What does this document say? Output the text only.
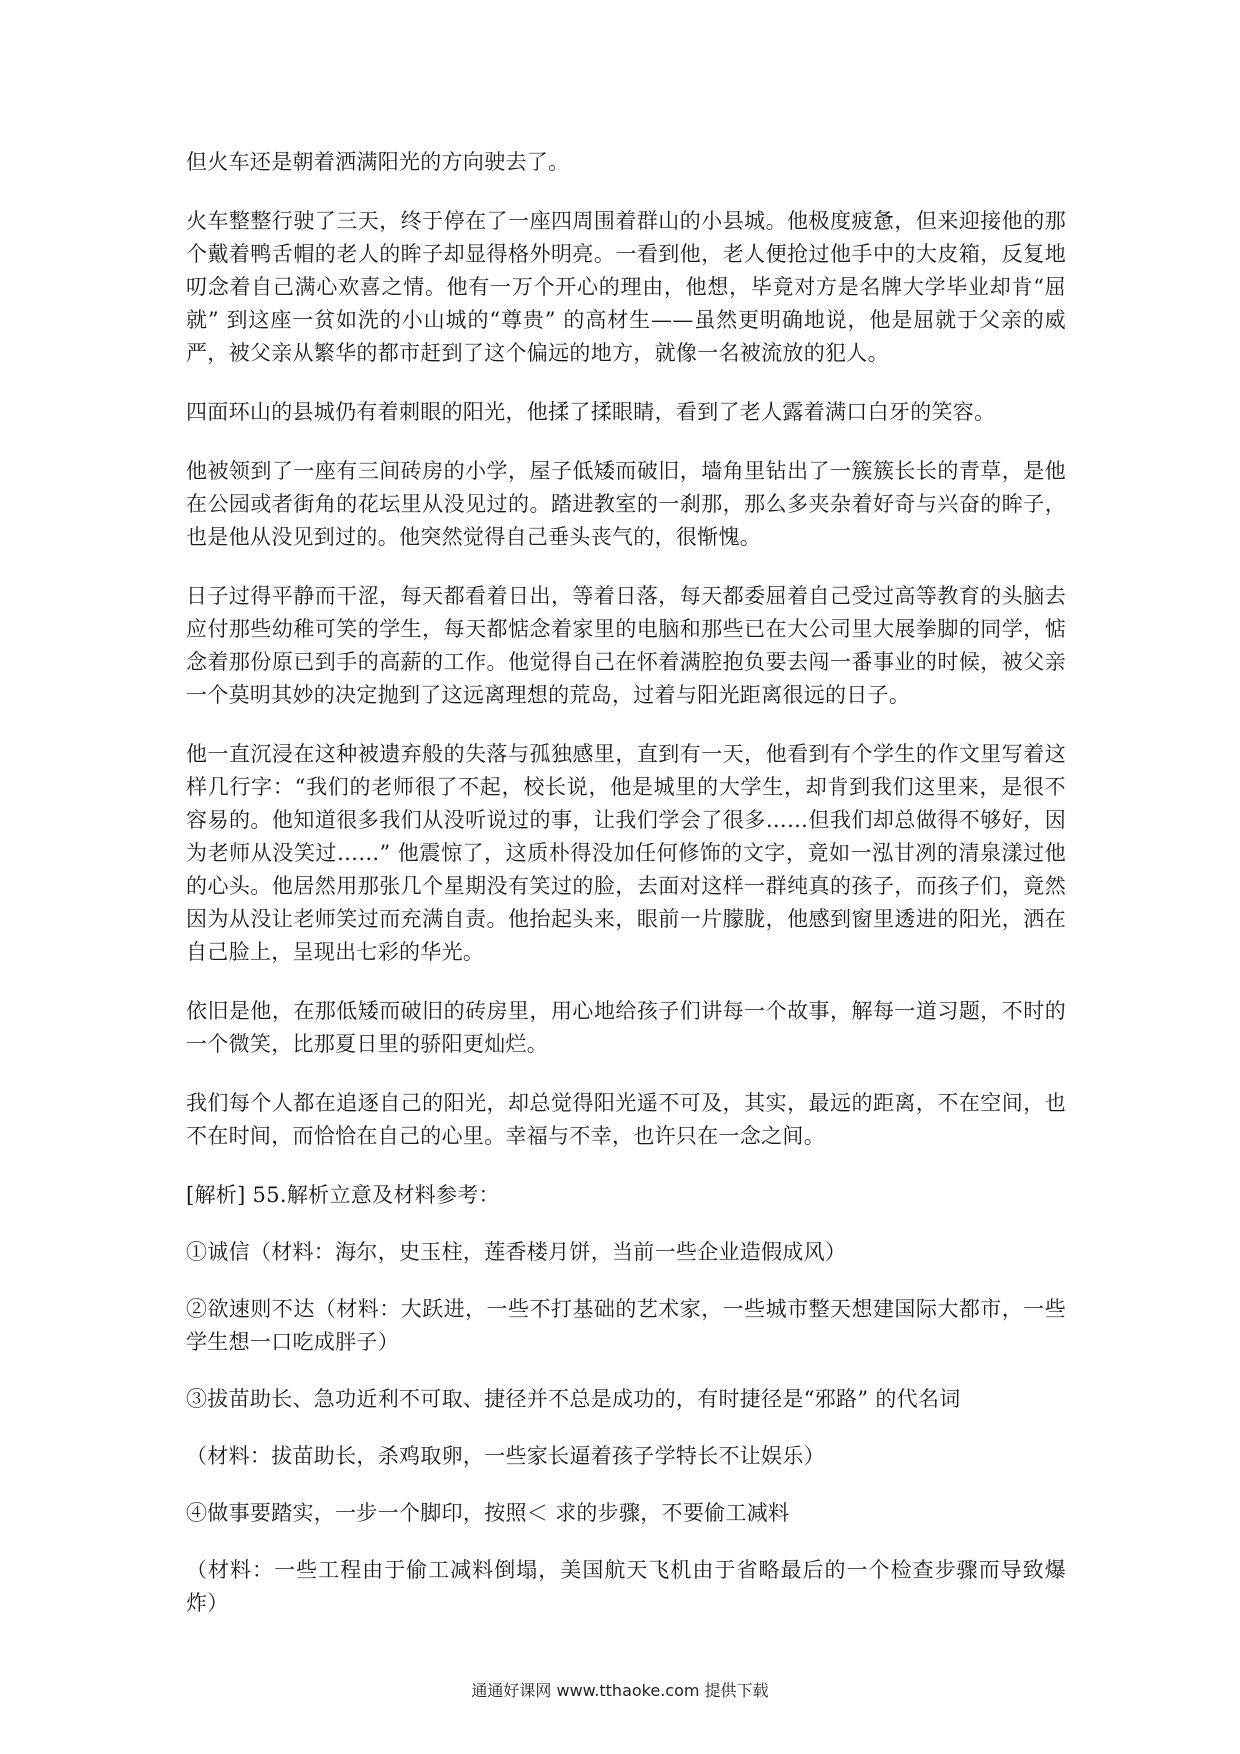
但火车还是朝着洒满阳光的方向驶去了。

火车整整行驶了三天，终于停在了一座四周围着群山的小县城。他极度疲惫，但来迎接他的那个戴着鸭舌帽的老人的眸子却显得格外明亮。一看到他，老人便抢过他手中的大皮箱，反复地叨念着自己满心欢喜之情。他有一万个开心的理由，他想，毕竟对方是名牌大学毕业却肯“屈就” 到这座一贫如洗的小山城的“尊贵” 的高材生——虽然更明确地说，他是屈就于父亲的威严，被父亲从繁华的都市赶到了这个偏远的地方，就像一名被流放的犯人。

四面环山的县城仍有着刺眼的阳光，他揉了揉眼睛，看到了老人露着满口白牙的笑容。

他被领到了一座有三间砖房的小学，屋子低矮而破旧，墙角里钻出了一簇簇长长的青草，是他在公园或者街角的花坛里从没见过的。踏进教室的一刹那，那么多夹杂着好奇与兴奋的眸子，也是他从没见到过的。他突然觉得自己垂头丧气的，很惭愧。

日子过得平静而干涩，每天都看着日出，等着日落，每天都委屈着自己受过高等教育的头脑去应付那些幼稚可笑的学生，每天都惦念着家里的电脑和那些已在大公司里大展拳脚的同学，惦念着那份原已到手的高薪的工作。他觉得自己在怀着满腔抱负要去闯一番事业的时候，被父亲一个莫明其妙的决定抛到了这远离理想的荒岛，过着与阳光距离很远的日子。

他一直沉浸在这种被遗弃般的失落与孤独感里，直到有一天，他看到有个学生的作文里写着这样几行字：“我们的老师很了不起，校长说，他是城里的大学生，却肯到我们这里来，是很不容易的。他知道很多我们从没听说过的事，让我们学会了很多……但我们却总做得不够好，因为老师从没笑过……” 他震惊了，这质朴得没加任何修饰的文字，竟如一泓甘冽的清泉漾过他的心头。他居然用那张几个星期没有笑过的脸，去面对这样一群纯真的孩子，而孩子们，竟然因为从没让老师笑过而充满自责。他抬起头来，眼前一片朦胧，他感到窗里透进的阳光，洒在自己脸上，呈现出七彩的华光。

依旧是他，在那低矮而破旧的砖房里，用心地给孩子们讲每一个故事，解每一道习题，不时的一个微笑，比那夏日里的骄阳更灿烂。

我们每个人都在追逐自己的阳光，却总觉得阳光遥不可及，其实，最远的距离，不在空间，也不在时间，而恰恰在自己的心里。幸福与不幸，也许只在一念之间。

[解析] 55.解析立意及材料参考：

①诚信（材料：海尔，史玉柱，莲香楼月饼，当前一些企业造假成风）

②欲速则不达（材料：大跃进，一些不打基础的艺术家，一些城市整天想建国际大都市，一些学生想一口吃成胖子）

③拔苗助长、急功近利不可取、捷径并不总是成功的，有时捷径是“邪路” 的代名词

（材料：拔苗助长，杀鸡取卵，一些家长逼着孩子学特长不让娱乐）

④做事要踏实，一步一个脚印，按照＜ 求的步骤，不要偷工减料

（材料：一些工程由于偷工减料倒塌，美国航天飞机由于省略最后的一个检查步骤而导致爆炸）

通通好课网 www.tthaoke.com 提供下载
